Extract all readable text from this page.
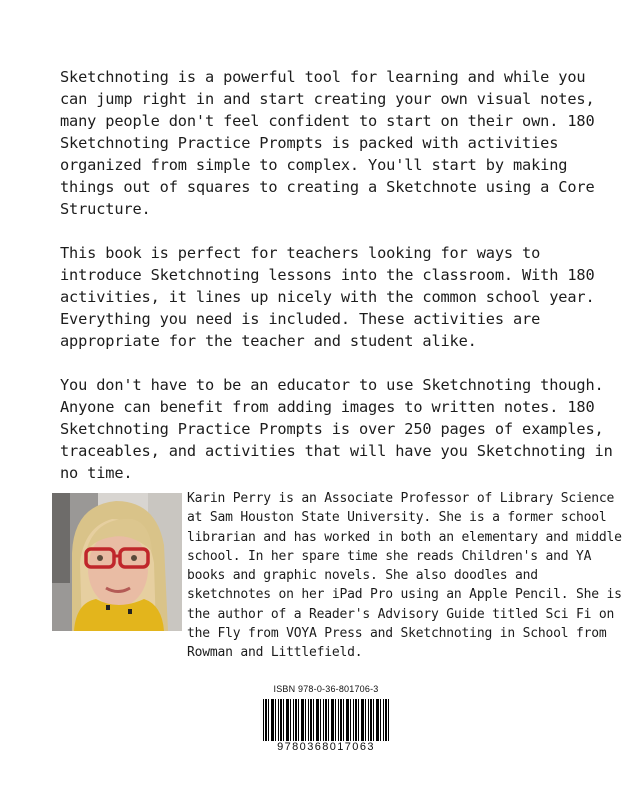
Sketchnoting is a powerful tool for learning and while you can jump right in and start creating your own visual notes, many people don't feel confident to start on their own. 180 Sketchnoting Practice Prompts is packed with activities organized from simple to complex. You'll start by making things out of squares to creating a Sketchnote using a Core Structure.

This book is perfect for teachers looking for ways to introduce Sketchnoting lessons into the classroom. With 180 activities, it lines up nicely with the common school year. Everything you need is included. These activities are appropriate for the teacher and student alike.

You don't have to be an educator to use Sketchnoting though. Anyone can benefit from adding images to written notes. 180 Sketchnoting Practice Prompts is over 250 pages of examples, traceables, and activities that will have you Sketchnoting in no time.

Karin Perry is an Associate Professor of Library Science at Sam Houston State University. She is a former school librarian and has worked in both an elementary and middle school. In her spare time she reads Children's and YA books and graphic novels. She also doodles and sketchnotes on her iPad Pro using an Apple Pencil. She is the author of a Reader's Advisory Guide titled Sci Fi on the Fly from VOYA Press and Sketchnoting in School from Rowman and Littlefield.
ISBN 978-0-36-801706-3
9780368017063
